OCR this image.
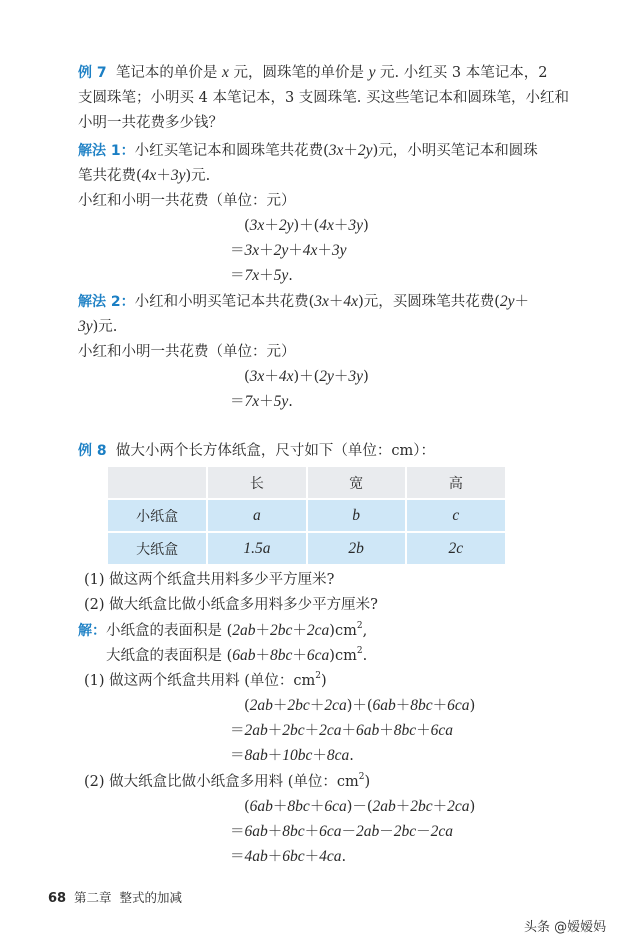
例 7 笔记本的单价是 x 元，圆珠笔的单价是 y 元. 小红买 3 本笔记本，2
支圆珠笔；小明买 4 本笔记本，3 支圆珠笔. 买这些笔记本和圆珠笔，小红和
小明一共花费多少钱？
解法 1：小红买笔记本和圆珠笔共花费(3x＋2y)元，小明买笔记本和圆珠
笔共花费(4x＋3y)元.
小红和小明一共花费（单位：元）
(3x＋2y)＋(4x＋3y)
＝3x＋2y＋4x＋3y
＝7x＋5y.
解法 2：小红和小明买笔记本共花费(3x＋4x)元，买圆珠笔共花费(2y＋
3y)元.
小红和小明一共花费（单位：元）
(3x＋4x)＋(2y＋3y)
＝7x＋5y.
例 8 做大小两个长方体纸盒，尺寸如下（单位：cm）：
	长	宽	高
小纸盒	a	b	c
大纸盒	1.5a	2b	2c
(1) 做这两个纸盒共用料多少平方厘米?
(2) 做大纸盒比做小纸盒多用料多少平方厘米?
解：小纸盒的表面积是 $(2ab+2bc+2ca)cm^2$,
大纸盒的表面积是 $(6ab+8bc+6ca)cm^2$.
(1) 做这两个纸盒共用料 (单位：$cm^2$)
(2ab＋2bc＋2ca)＋(6ab＋8bc＋6ca)
＝2ab＋2bc＋2ca＋6ab＋8bc＋6ca
＝8ab＋10bc＋8ca.
(2) 做大纸盒比做小纸盒多用料 (单位：$cm^2$)
(6ab＋8bc＋6ca)－(2ab＋2bc＋2ca)
＝6ab＋8bc＋6ca－2ab－2bc－2ca
＝4ab＋6bc＋4ca.
68 第二章 整式的加减
头条 @嫒嫒妈
